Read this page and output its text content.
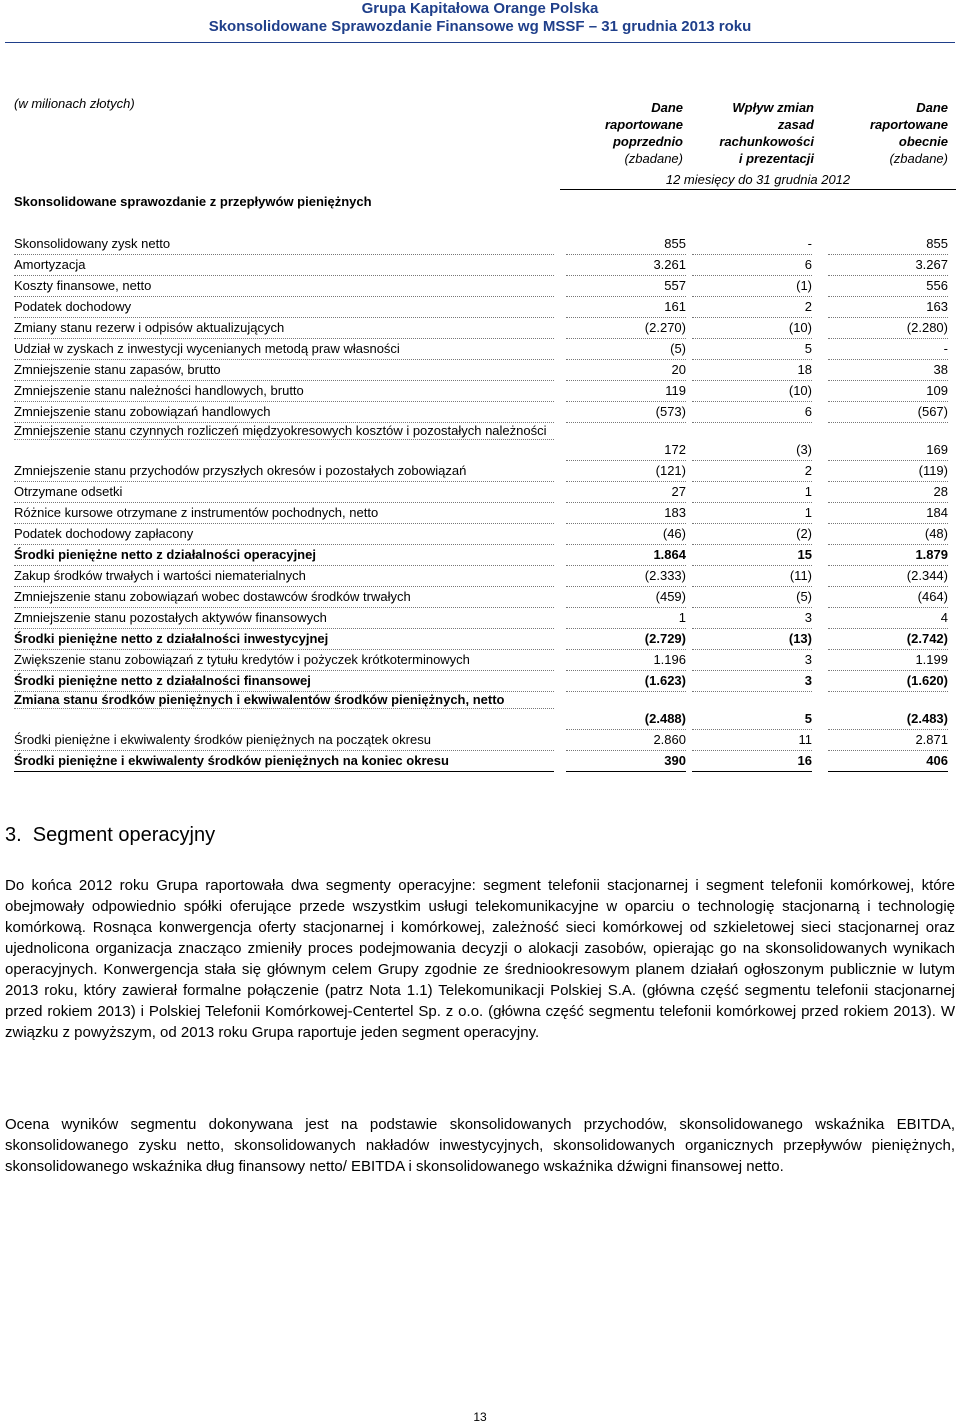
Grupa Kapitałowa Orange Polska
Skonsolidowane Sprawozdanie Finansowe wg MSSF – 31 grudnia 2013 roku
(w milionach złotych)
Skonsolidowane sprawozdanie z przepływów pieniężnych
Dane
raportowane
poprzednio
(zbadane)
Wpływ zmian
zasad
rachunkowości
i prezentacji
Dane
raportowane
obecnie
(zbadane)
12 miesięcy do 31 grudnia 2012
Skonsolidowany zysk netto	855	-	855
Amortyzacja	3.261	6	3.267
Koszty finansowe, netto	557	(1)	556
Podatek dochodowy	161	2	163
Zmiany stanu rezerw i odpisów aktualizujących	(2.270)	(10)	(2.280)
Udział w zyskach z inwestycji wycenianych metodą praw własności	(5)	5	-
Zmniejszenie stanu zapasów, brutto	20	18	38
Zmniejszenie stanu należności handlowych, brutto	119	(10)	109
Zmniejszenie stanu zobowiązań handlowych	(573)	6	(567)
Zmniejszenie stanu czynnych rozliczeń międzyokresowych kosztów i pozostałych należności
172	(3)	169
Zmniejszenie stanu przychodów przyszłych okresów i pozostałych zobowiązań	(121)	2	(119)
Otrzymane odsetki	27	1	28
Różnice kursowe otrzymane z instrumentów pochodnych, netto	183	1	184
Podatek dochodowy zapłacony	(46)	(2)	(48)
Środki pieniężne netto z działalności operacyjnej	1.864	15	1.879
Zakup środków trwałych i wartości niematerialnych	(2.333)	(11)	(2.344)
Zmniejszenie stanu zobowiązań wobec dostawców środków trwałych	(459)	(5)	(464)
Zmniejszenie stanu pozostałych aktywów finansowych	1	3	4
Środki pieniężne netto z działalności inwestycyjnej	(2.729)	(13)	(2.742)
Zwiększenie stanu zobowiązań z tytułu kredytów i pożyczek krótkoterminowych	1.196	3	1.199
Środki pieniężne netto z działalności finansowej	(1.623)	3	(1.620)
Zmiana stanu środków pieniężnych i ekwiwalentów środków pieniężnych, netto
(2.488)	5	(2.483)
Środki pieniężne i ekwiwalenty środków pieniężnych na początek okresu	2.860	11	2.871
Środki pieniężne i ekwiwalenty środków pieniężnych na koniec okresu	390	16	406
3.  Segment operacyjny
Do końca 2012 roku Grupa raportowała dwa segmenty operacyjne: segment telefonii stacjonarnej i segment telefonii komórkowej, które obejmowały odpowiednio spółki oferujące przede wszystkim usługi telekomunikacyjne w oparciu o technologię stacjonarną i technologię komórkową. Rosnąca konwergencja oferty stacjonarnej i komórkowej, zależność sieci komórkowej od szkieletowej sieci stacjonarnej oraz ujednolicona organizacja znacząco zmieniły proces podejmowania decyzji o alokacji zasobów, opierając go na skonsolidowanych wynikach operacyjnych. Konwergencja stała się głównym celem Grupy zgodnie ze średniookresowym planem działań ogłoszonym publicznie w lutym 2013 roku, który zawierał formalne połączenie (patrz Nota 1.1) Telekomunikacji Polskiej S.A. (główna część segmentu telefonii stacjonarnej przed rokiem 2013) i Polskiej Telefonii Komórkowej-Centertel Sp. z o.o. (główna część segmentu telefonii komórkowej przed rokiem 2013). W związku z powyższym, od 2013 roku Grupa raportuje jeden segment operacyjny.
Ocena wyników segmentu dokonywana jest na podstawie skonsolidowanych przychodów, skonsolidowanego wskaźnika EBITDA, skonsolidowanego zysku netto, skonsolidowanych nakładów inwestycyjnych, skonsolidowanych organicznych przepływów pieniężnych, skonsolidowanego wskaźnika dług finansowy netto/ EBITDA i skonsolidowanego wskaźnika dźwigni finansowej netto.
13
